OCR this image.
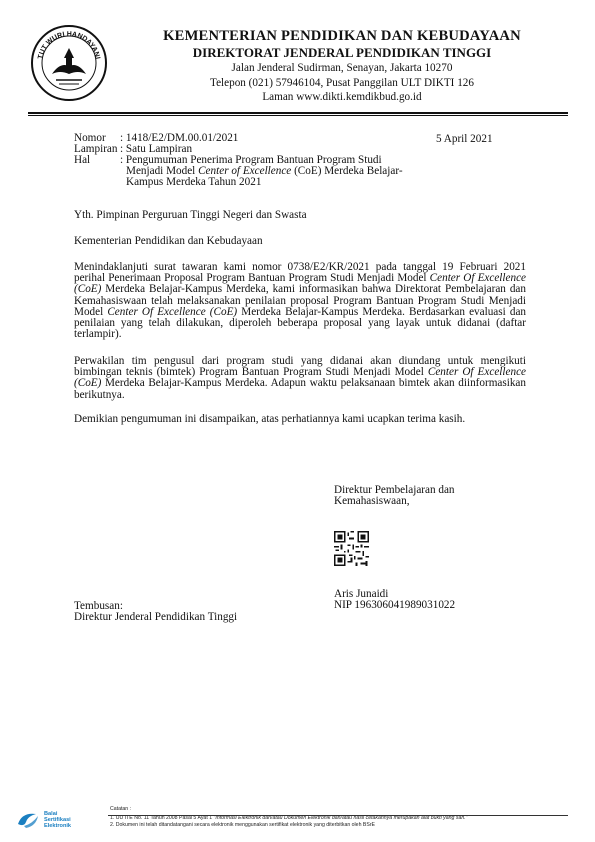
TUT WURI HANDAYANI
KEMENTERIAN PENDIDIKAN DAN KEBUDAYAAN
DIREKTORAT JENDERAL PENDIDIKAN TINGGI
Jalan Jenderal Sudirman, Senayan, Jakarta 10270
Telepon (021) 57946104, Pusat Panggilan ULT DIKTI 126
Laman www.dikti.kemdikbud.go.id
Nomor	: 1418/E2/DM.00.01/2021
Lampiran : Satu Lampiran
Hal	: Pengumuman Penerima Program Bantuan Program Studi
Menjadi Model Center of Excellence (CoE) Merdeka Belajar-
Kampus Merdeka Tahun 2021
5 April 2021
Yth. Pimpinan Perguruan Tinggi Negeri dan Swasta
Kementerian Pendidikan dan Kebudayaan
Menindaklanjuti surat tawaran kami nomor 0738/E2/KR/2021 pada tanggal 19 Februari 2021 perihal Penerimaan Proposal Program Bantuan Program Studi Menjadi Model Center Of Excellence (CoE) Merdeka Belajar-Kampus Merdeka, kami informasikan bahwa Direktorat Pembelajaran dan Kemahasiswaan telah melaksanakan penilaian proposal Program Bantuan Program Studi Menjadi Model Center Of Excellence (CoE) Merdeka Belajar-Kampus Merdeka. Berdasarkan evaluasi dan penilaian yang telah dilakukan, diperoleh beberapa proposal yang layak untuk didanai (daftar terlampir).
Perwakilan tim pengusul dari program studi yang didanai akan diundang untuk mengikuti bimbingan teknis (bimtek) Program Bantuan Program Studi Menjadi Model Center Of Excellence (CoE) Merdeka Belajar-Kampus Merdeka. Adapun waktu pelaksanaan bimtek akan diinformasikan berikutnya.
Demikian pengumuman ini disampaikan, atas perhatiannya kami ucapkan terima kasih.
Direktur Pembelajaran dan
Kemahasiswaan,
Aris Junaidi
NIP 196306041989031022
Tembusan:
Direktur Jenderal Pendidikan Tinggi
Balai
Sertifikasi
Elektronik
Catatan :
1. UU ITE No. 11 Tahun 2008 Pasal 5 Ayat 1 "Informasi Elektronik dan/atau Dokumen Elektronik dan/atau hasil cetakannya merupakan alat bukti yang sah."
2. Dokumen ini telah ditandatangani secara elektronik menggunakan sertifikat elektronik yang diterbitkan oleh BSrE
